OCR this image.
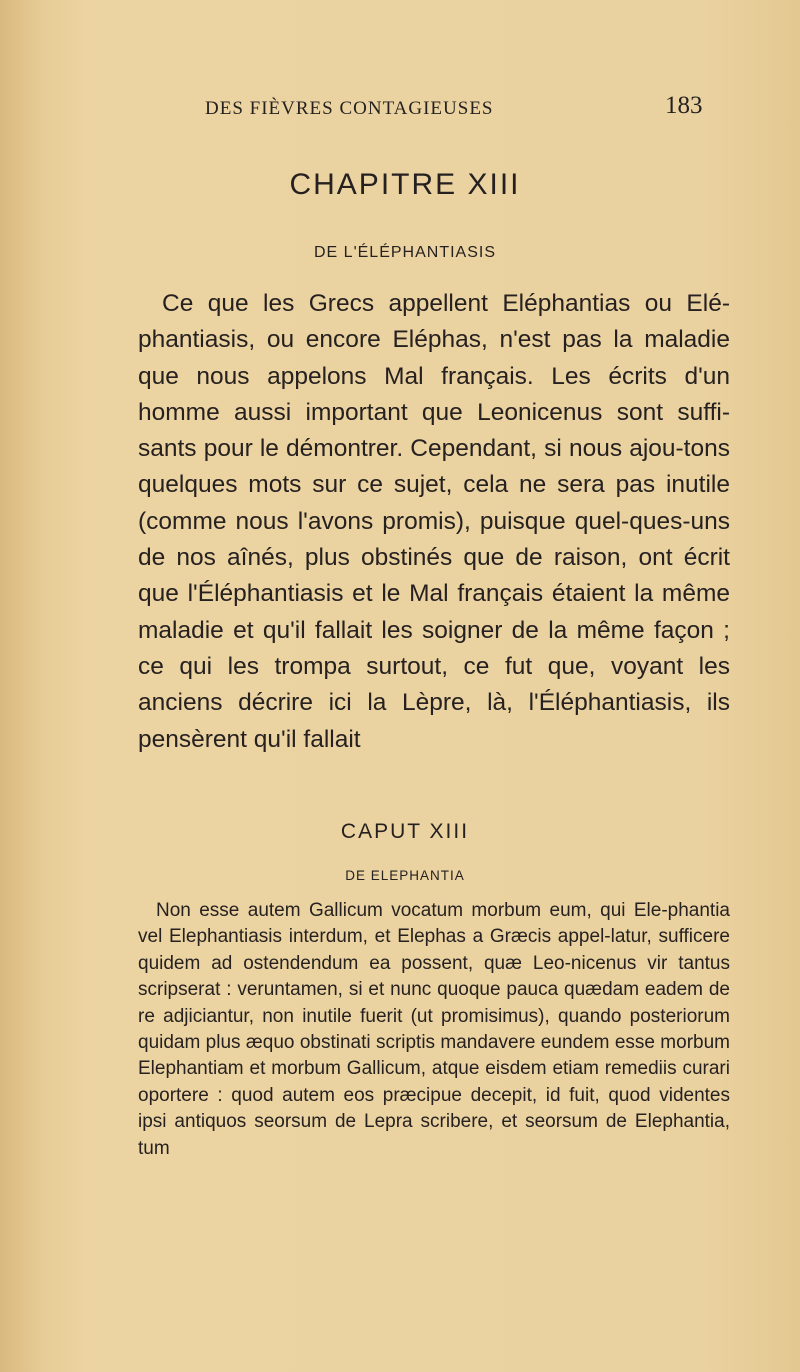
DES FIÈVRES CONTAGIEUSES	183
CHAPITRE XIII
DE L'ÉLÉPHANTIASIS

Ce que les Grecs appellent Eléphantias ou Elé-phantiasis, ou encore Eléphas, n'est pas la maladie que nous appelons Mal français. Les écrits d'un homme aussi important que Leonicenus sont suffi-sants pour le démontrer. Cependant, si nous ajou-tons quelques mots sur ce sujet, cela ne sera pas inutile (comme nous l'avons promis), puisque quel-ques-uns de nos aînés, plus obstinés que de raison, ont écrit que l'Éléphantiasis et le Mal français étaient la même maladie et qu'il fallait les soigner de la même façon ; ce qui les trompa surtout, ce fut que, voyant les anciens décrire ici la Lèpre, là, l'Éléphantiasis, ils pensèrent qu'il fallait

CAPUT XIII
DE ELEPHANTIA

Non esse autem Gallicum vocatum morbum eum, qui Ele-phantia vel Elephantiasis interdum, et Elephas a Græcis appel-latur, sufficere quidem ad ostendendum ea possent, quæ Leo-nicenus vir tantus scripserat : veruntamen, si et nunc quoque pauca quædam eadem de re adjiciantur, non inutile fuerit (ut promisimus), quando posteriorum quidam plus æquo obstinati scriptis mandavere eundem esse morbum Elephantiam et morbum Gallicum, atque eisdem etiam remediis curari oportere : quod autem eos præcipue decepit, id fuit, quod videntes ipsi antiquos seorsum de Lepra scribere, et seorsum de Elephantia, tum
